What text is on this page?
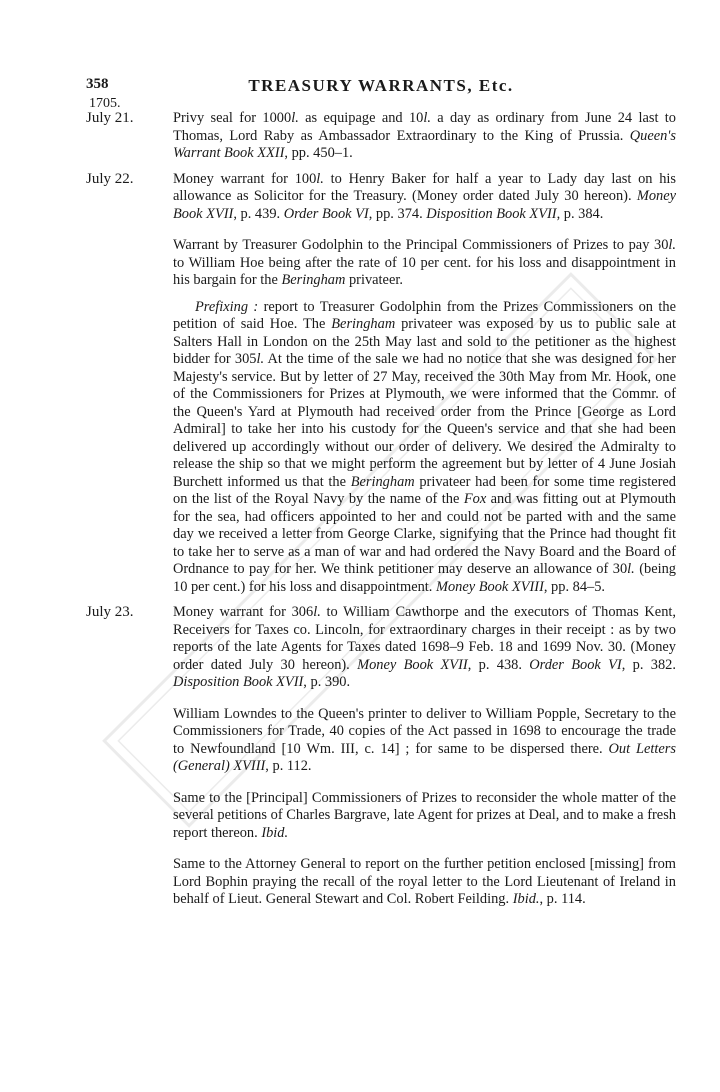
358	TREASURY WARRANTS, Etc.
1705.
July 21.	Privy seal for 1000l. as equipage and 10l. a day as ordinary from June 24 last to Thomas, Lord Raby as Ambassador Extraordinary to the King of Prussia. Queen's Warrant Book XXII, pp. 450–1.

July 22.	Money warrant for 100l. to Henry Baker for half a year to Lady day last on his allowance as Solicitor for the Treasury. (Money order dated July 30 hereon). Money Book XVII, p. 439. Order Book VI, pp. 374. Disposition Book XVII, p. 384.

Warrant by Treasurer Godolphin to the Principal Commissioners of Prizes to pay 30l. to William Hoe being after the rate of 10 per cent. for his loss and disappointment in his bargain for the Beringham privateer.

Prefixing : report to Treasurer Godolphin from the Prizes Commissioners on the petition of said Hoe. The Beringham privateer was exposed by us to public sale at Salters Hall in London on the 25th May last and sold to the petitioner as the highest bidder for 305l. At the time of the sale we had no notice that she was designed for her Majesty's service. But by letter of 27 May, received the 30th May from Mr. Hook, one of the Commissioners for Prizes at Plymouth, we were informed that the Commr. of the Queen's Yard at Plymouth had received order from the Prince [George as Lord Admiral] to take her into his custody for the Queen's service and that she had been delivered up accordingly without our order of delivery. We desired the Admiralty to release the ship so that we might perform the agreement but by letter of 4 June Josiah Burchett informed us that the Beringham privateer had been for some time registered on the list of the Royal Navy by the name of the Fox and was fitting out at Plymouth for the sea, had officers appointed to her and could not be parted with and the same day we received a letter from George Clarke, signifying that the Prince had thought fit to take her to serve as a man of war and had ordered the Navy Board and the Board of Ordnance to pay for her. We think petitioner may deserve an allowance of 30l. (being 10 per cent.) for his loss and disappointment. Money Book XVIII, pp. 84–5.

July 23.	Money warrant for 306l. to William Cawthorpe and the executors of Thomas Kent, Receivers for Taxes co. Lincoln, for extraordinary charges in their receipt : as by two reports of the late Agents for Taxes dated 1698–9 Feb. 18 and 1699 Nov. 30. (Money order dated July 30 hereon). Money Book XVII, p. 438. Order Book VI, p. 382. Disposition Book XVII, p. 390.

William Lowndes to the Queen's printer to deliver to William Popple, Secretary to the Commissioners for Trade, 40 copies of the Act passed in 1698 to encourage the trade to Newfoundland [10 Wm. III, c. 14] ; for same to be dispersed there. Out Letters (General) XVIII, p. 112.

Same to the [Principal] Commissioners of Prizes to reconsider the whole matter of the several petitions of Charles Bargrave, late Agent for prizes at Deal, and to make a fresh report thereon. Ibid.

Same to the Attorney General to report on the further petition enclosed [missing] from Lord Bophin praying the recall of the royal letter to the Lord Lieutenant of Ireland in behalf of Lieut. General Stewart and Col. Robert Feilding. Ibid., p. 114.
